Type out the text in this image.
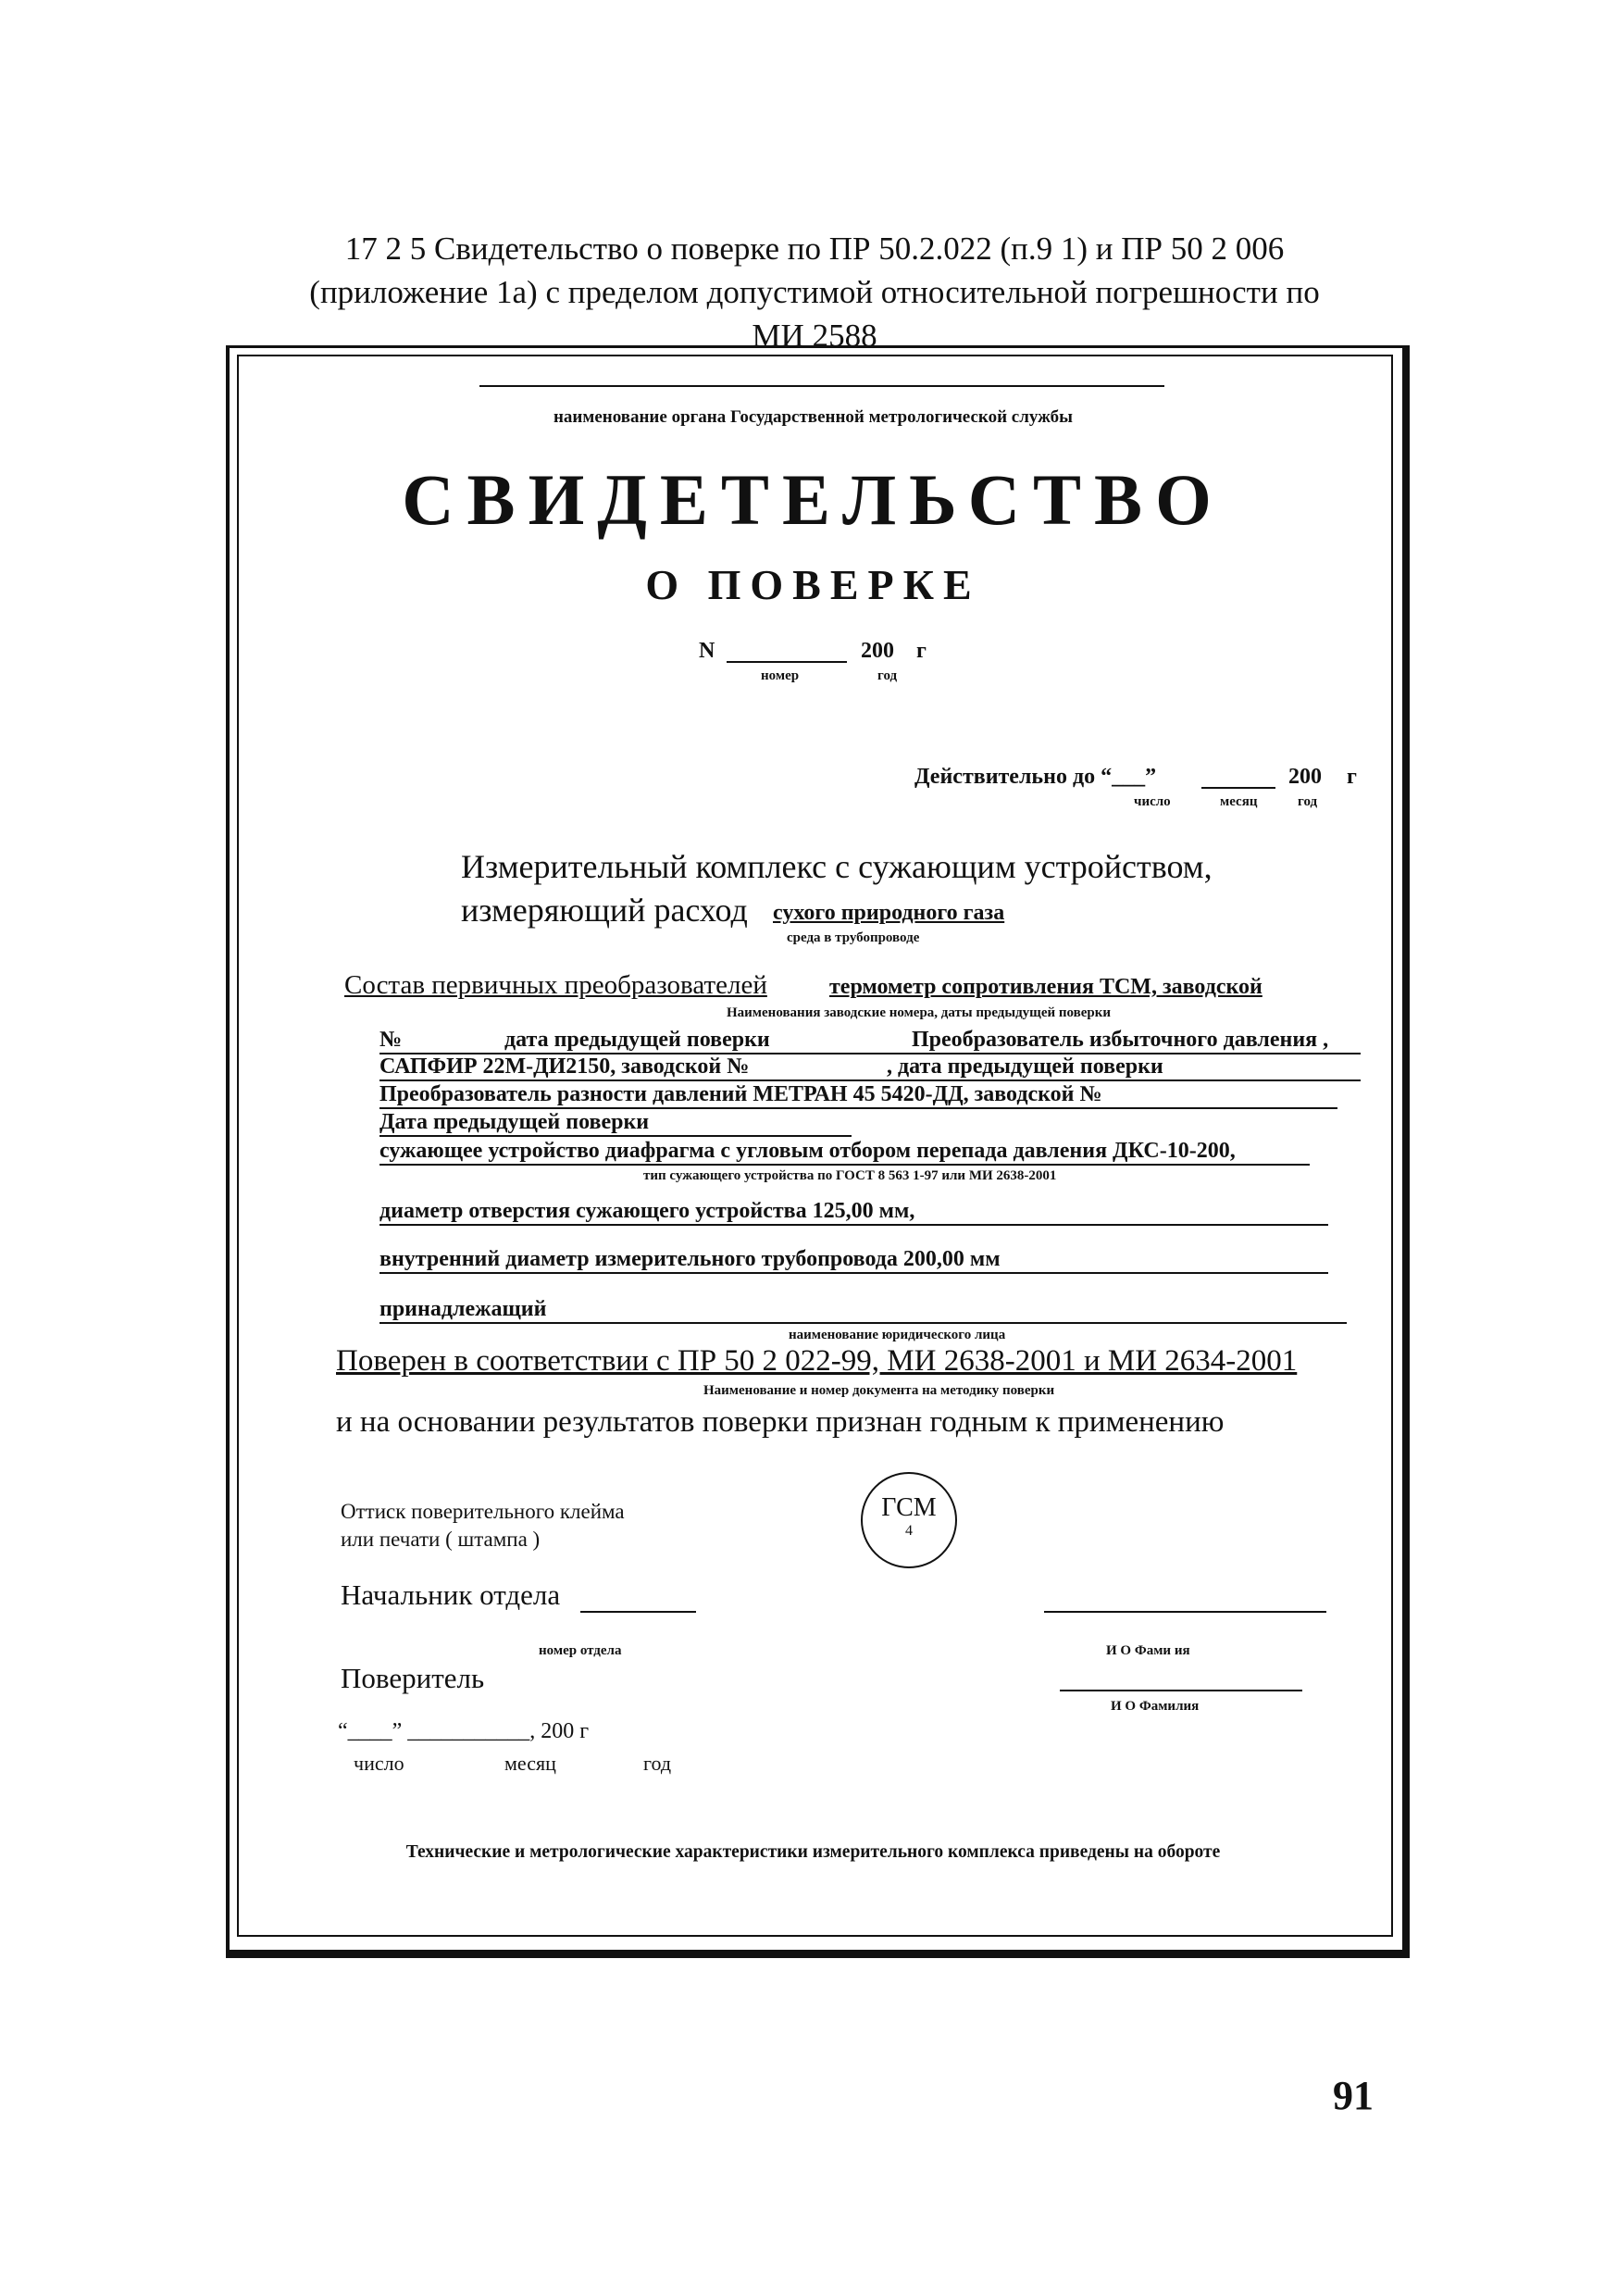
17 2 5 Свидетельство о поверке по ПР 50.2.022 (п.9 1) и ПР 50 2 006
(приложение 1а) с пределом допустимой относительной погрешности по
МИ 2588
наименование органа Государственной метрологической службы
СВИДЕТЕЛЬСТВО
О ПОВЕРКЕ
N	200 г
номер	год
Действительно до “___”	200 г
число	месяц	год
Измерительный комплекс с сужающим устройством,
измеряющий расход сухого природного газа
среда в трубопроводе
Состав первичных преобразователей	термометр сопротивления ТСМ, заводской
Наименования заводские номера, даты предыдущей поверки
№	дата предыдущей поверки	Преобразователь избыточного давления ,
САПФИР 22М-ДИ2150, заводской №	, дата предыдущей поверки
Преобразователь разности давлений МЕТРАН 45 5420-ДД, заводской №
Дата предыдущей поверки
сужающее устройство диафрагма с угловым отбором перепада давления ДКС-10-200,
тип сужающего устройства по ГОСТ 8 563 1-97 или МИ 2638-2001
диаметр отверстия сужающего устройства 125,00 мм,
внутренний диаметр измерительного трубопровода 200,00 мм
принадлежащий
наименование юридического лица
Поверен в соответствии с ПР 50 2 022-99, МИ 2638-2001 и МИ 2634-2001
Наименование и номер документа на методику поверки
и на основании результатов поверки признан годным к применению
Оттиск поверительного клейма
или печати ( штампа )
ГСМ
4
Начальник отдела
номер отдела	И О Фами ия
Поверитель
И О Фамилия
“____” ___________, 200 г
число	месяц	год
Технические и метрологические характеристики измерительного комплекса приведены на обороте
91
